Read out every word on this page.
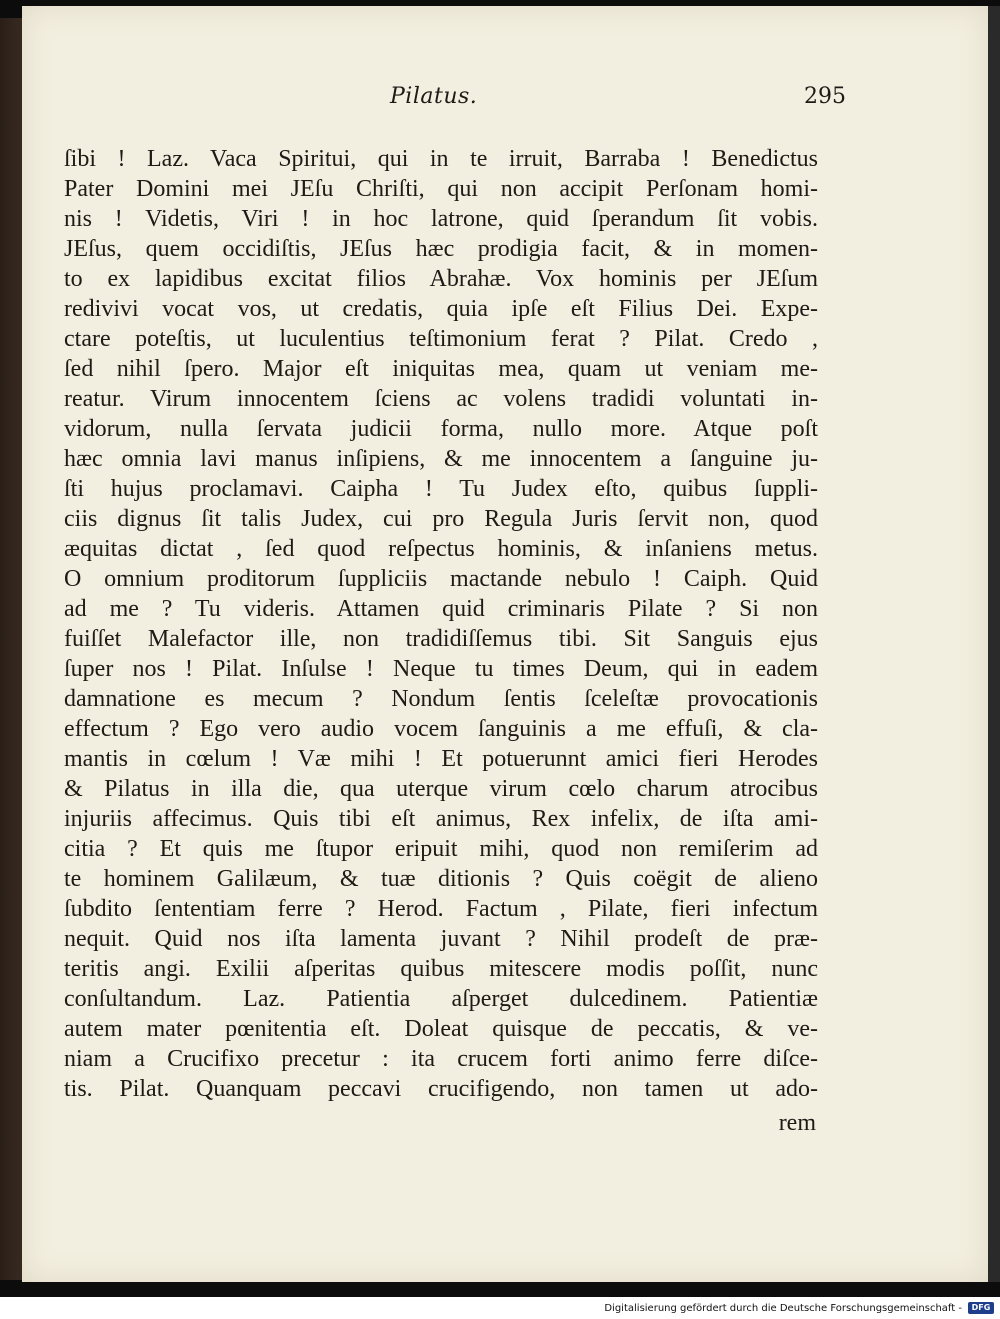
Pilatus.	295
ſibi ! Laz. Vaca Spiritui, qui in te irruit, Barraba ! Benedictus
Pater Domini mei JEſu Chriſti, qui non accipit Perſonam homi-
nis ! Videtis, Viri ! in hoc latrone, quid ſperandum ſit vobis.
JEſus, quem occidiſtis, JEſus hæc prodigia facit, & in momen-
to ex lapidibus excitat filios Abrahæ. Vox hominis per JEſum
redivivi vocat vos, ut credatis, quia ipſe eſt Filius Dei. Expe-
ctare poteſtis, ut luculentius teſtimonium ferat ? Pilat. Credo ,
ſed nihil ſpero. Major eſt iniquitas mea, quam ut veniam me-
reatur. Virum innocentem ſciens ac volens tradidi voluntati in-
vidorum, nulla ſervata judicii forma, nullo more. Atque poſt
hæc omnia lavi manus inſipiens, & me innocentem a ſanguine ju-
ſti hujus proclamavi. Caipha ! Tu Judex eſto, quibus ſuppli-
ciis dignus ſit talis Judex, cui pro Regula Juris ſervit non, quod
æquitas dictat , ſed quod reſpectus hominis, & inſaniens metus.
O omnium proditorum ſuppliciis mactande nebulo ! Caiph. Quid
ad me ? Tu videris. Attamen quid criminaris Pilate ? Si non
fuiſſet Malefactor ille, non tradidiſſemus tibi. Sit Sanguis ejus
ſuper nos ! Pilat. Inſulse ! Neque tu times Deum, qui in eadem
damnatione es mecum ? Nondum ſentis ſceleſtæ provocationis
effectum ? Ego vero audio vocem ſanguinis a me effuſi, & cla-
mantis in cœlum ! Væ mihi ! Et potuerunnt amici fieri Herodes
& Pilatus in illa die, qua uterque virum cœlo charum atrocibus
injuriis affecimus. Quis tibi eſt animus, Rex infelix, de iſta ami-
citia ? Et quis me ſtupor eripuit mihi, quod non remiſerim ad
te hominem Galilæum, & tuæ ditionis ? Quis coëgit de alieno
ſubdito ſententiam ferre ? Herod. Factum , Pilate, fieri infectum
nequit. Quid nos iſta lamenta juvant ? Nihil prodeſt de præ-
teritis angi. Exilii aſperitas quibus mitescere modis poſſit, nunc
conſultandum. Laz. Patientia aſperget dulcedinem. Patientiæ
autem mater pœnitentia eſt. Doleat quisque de peccatis, & ve-
niam a Crucifixo precetur : ita crucem forti animo ferre diſce-
tis. Pilat. Quanquam peccavi crucifigendo, non tamen ut ado-
rem
Digitalisierung gefördert durch die Deutsche Forschungsgemeinschaft -	DFG
